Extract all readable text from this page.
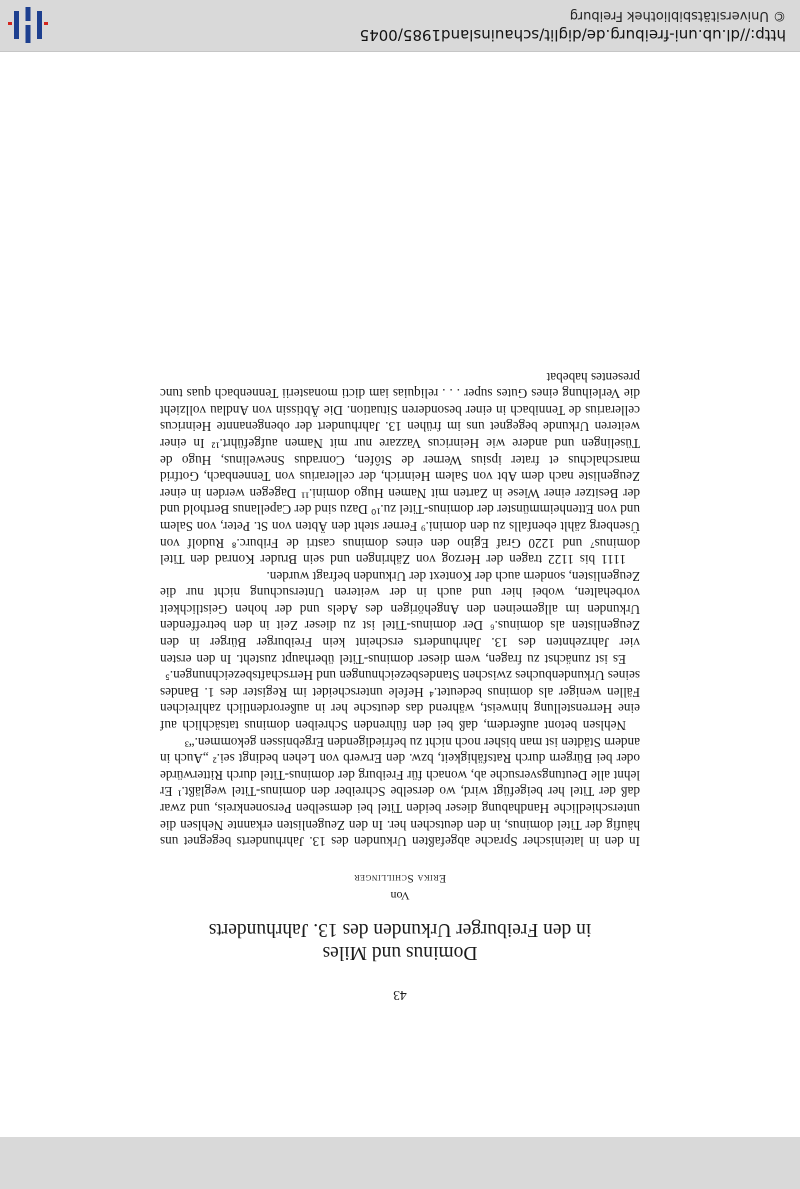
43
Dominus und Miles
in den Freiburger Urkunden des 13. Jahrhunderts
Von
Erika Schillinger

In den in lateinischer Sprache abgefaßten Urkunden des 13. Jahrhunderts begegnet uns häufig der Titel dominus, in den deutschen her. In den Zeugenlisten erkannte Nehlsen die unterschiedliche Handhabung dieser beiden Titel bei demselben Personenkreis, und zwar daß der Titel her beigefügt wird, wo derselbe Schreiber den dominus-Titel wegläßt.¹ Er lehnt alle Deutungsversuche ab, wonach für Freiburg der dominus-Titel durch Ritterwürde oder bei Bürgern durch Ratsfähigkeit, bzw. den Erwerb von Lehen bedingt sei.² „Auch in andern Städten ist man bisher noch nicht zu befriedigenden Ergebnissen gekommen.“³

Nehlsen betont außerdem, daß bei den führenden Schreiben dominus tatsächlich auf eine Herrenstellung hinweist, während das deutsche her in außerordentlich zahlreichen Fällen weniger als dominus bedeutet.⁴ Hefele unterscheidet im Register des 1. Bandes seines Urkundenbuches zwischen Standesbezeichnungen und Herrschaftsbezeichnungen.⁵

Es ist zunächst zu fragen, wem dieser dominus-Titel überhaupt zusteht. In den ersten vier Jahrzehnten des 13. Jahrhunderts erscheint kein Freiburger Bürger in den Zeugenlisten als dominus.⁶ Der dominus-Titel ist zu dieser Zeit in den betreffenden Urkunden im allgemeinen den Angehörigen des Adels und der hohen Geistlichkeit vorbehalten, wobei hier und auch in der weiteren Untersuchung nicht nur die Zeugenlisten, sondern auch der Kontext der Urkunden befragt wurden.

1111 bis 1122 tragen der Herzog von Zähringen und sein Bruder Konrad den Titel dominus⁷ und 1220 Graf Egino den eines dominus castri de Friburc.⁸ Rudolf von Üsenberg zählt ebenfalls zu den domini.⁹ Ferner steht den Äbten von St. Peter, von Salem und von Ettenheimmünster der dominus-Titel zu.¹⁰ Dazu sind der Capellanus Berthold und der Besitzer einer Wiese in Zarten mit Namen Hugo domini.¹¹ Dagegen werden in einer Zeugenliste nach dem Abt von Salem Heinrich, der cellerarius von Tennenbach, Gotfrid marschalchus et frater ipsius Werner de Stôfen, Conradus Snewelinus, Hugo de Tüselingen und andere wie Heinricus Vazzare nur mit Namen aufgeführt.¹² In einer weiteren Urkunde begegnet uns im frühen 13. Jahrhundert der obengenannte Heinricus cellerarius de Tennibach in einer besonderen Situation. Die Äbtissin von Andlau vollzieht die Verleihung eines Gutes super . . . reliquias iam dicti monasterii Tennenbach quas tunc presentes habebat

http://dl.ub.uni-freiburg.de/diglit/schauinsland1985/0045
© Universitätsbibliothek Freiburg
